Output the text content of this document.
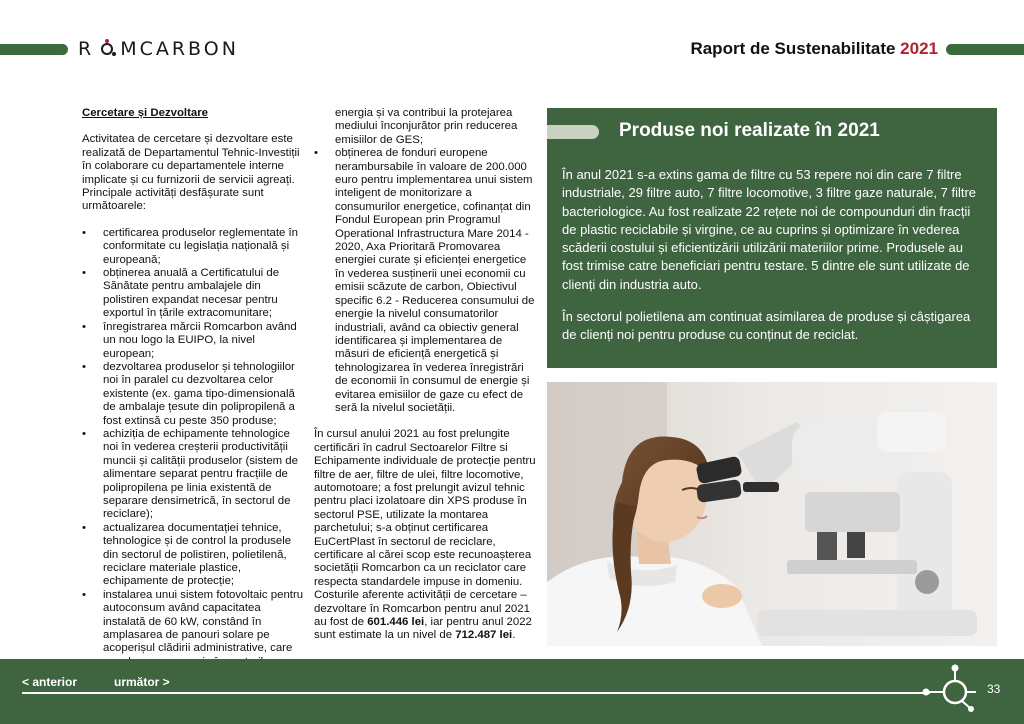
R MCARBON	Raport de Sustenabilitate 2021
Cercetare și Dezvoltare

Activitatea de cercetare și dezvoltare este realizată de Departamentul Tehnic-Investiții în colaborare cu departamentele interne implicate și cu furnizorii de servicii agreați. Principale activități desfășurate sunt următoarele:

• certificarea produselor reglementate în conformitate cu legislația națională și europeană;
• obținerea anuală a Certificatului de Sănătate pentru ambalajele din polistiren expandat necesar pentru exportul în țările extracomunitare;
• înregistrarea mărcii Romcarbon având un nou logo la EUIPO, la nivel european;
• dezvoltarea produselor și tehnologiilor noi în paralel cu dezvoltarea celor existente (ex. gama tipo-dimensională de ambalaje țesute din polipropilenă a fost extinsă cu peste 350 produse;
• achiziția de echipamente tehnologice noi în vederea creșterii productivității muncii și calității produselor (sistem de alimentare separat pentru fracțiile de polipropilena pe linia existentă de separare densimetrică, în sectorul de reciclare);
• actualizarea documentației tehnice, tehnologice și de control la produsele din sectorul de polistiren, polietilenă, reciclare materiale plastice, echipamente de protecție;
• instalarea unui sistem fotovoltaic pentru autoconsum având capacitatea instalată de 60 kW, constând în amplasarea de panouri solare pe acoperișul clădirii administrative, care
energia și va contribui la protejarea mediului înconjurător prin reducerea emisiilor de GES;
• obținerea de fonduri europene nerambursabile în valoare de 200.000 euro pentru implementarea unui sistem inteligent de monitorizare a consumurilor energetice, cofinanțat din Fondul European prin Programul Operational Infrastructura Mare 2014 - 2020, Axa Prioritară Promovarea energiei curate și eficienței energetice în vederea susținerii unei economii cu emisii scăzute de carbon, Obiectivul specific 6.2 - Reducerea consumului de energie la nivelul consumatorilor industriali, având ca obiectiv general identificarea și implementarea de măsuri de eficiență energetică și tehnologizarea în vederea înregistrări de economii în consumul de energie și evitarea emisiilor de gaze cu efect de seră la nivelul societății.

În cursul anului 2021 au fost prelungite certificări în cadrul Sectoarelor Filtre si Echipamente individuale de protecție pentru filtre de aer, filtre de ulei, filtre locomotive, automotoare; a fost prelungit avizul tehnic pentru placi izolatoare din XPS produse în sectorul PSE, utilizate la montarea parchetului; s-a obținut certificarea EuCertPlast în sectorul de reciclare, certificare al cărei scop este recunoașterea societății Romcarbon ca un reciclator care respecta standardele impuse in domeniu. Costurile aferente activității de cercetare – dezvoltare în Romcarbon pentru anul 2021 au fost de 601.446 lei, iar pentru anul 2022 sunt estimate la un nivel de 712.487 lei.

Produse noi realizate în 2021

În anul 2021 s-a extins gama de filtre cu 53 repere noi din care 7 filtre industriale, 29 filtre auto, 7 filtre locomotive, 3 filtre gaze naturale, 7 filtre bacteriologice. Au fost realizate 22 rețete noi de compounduri din fracții de plastic reciclabile și virgine, ce au cuprins și optimizare în vederea scăderii costului și eficientizării utilizării materiilor prime. Produsele au fost trimise catre beneficiari pentru testare. 5 dintre ele sunt utilizate de clienți din industria auto.

În sectorul polietilena am continuat asimilarea de produse și câștigarea de clienți noi pentru produse cu conținut de reciclat.

< anterior	următor >	33
